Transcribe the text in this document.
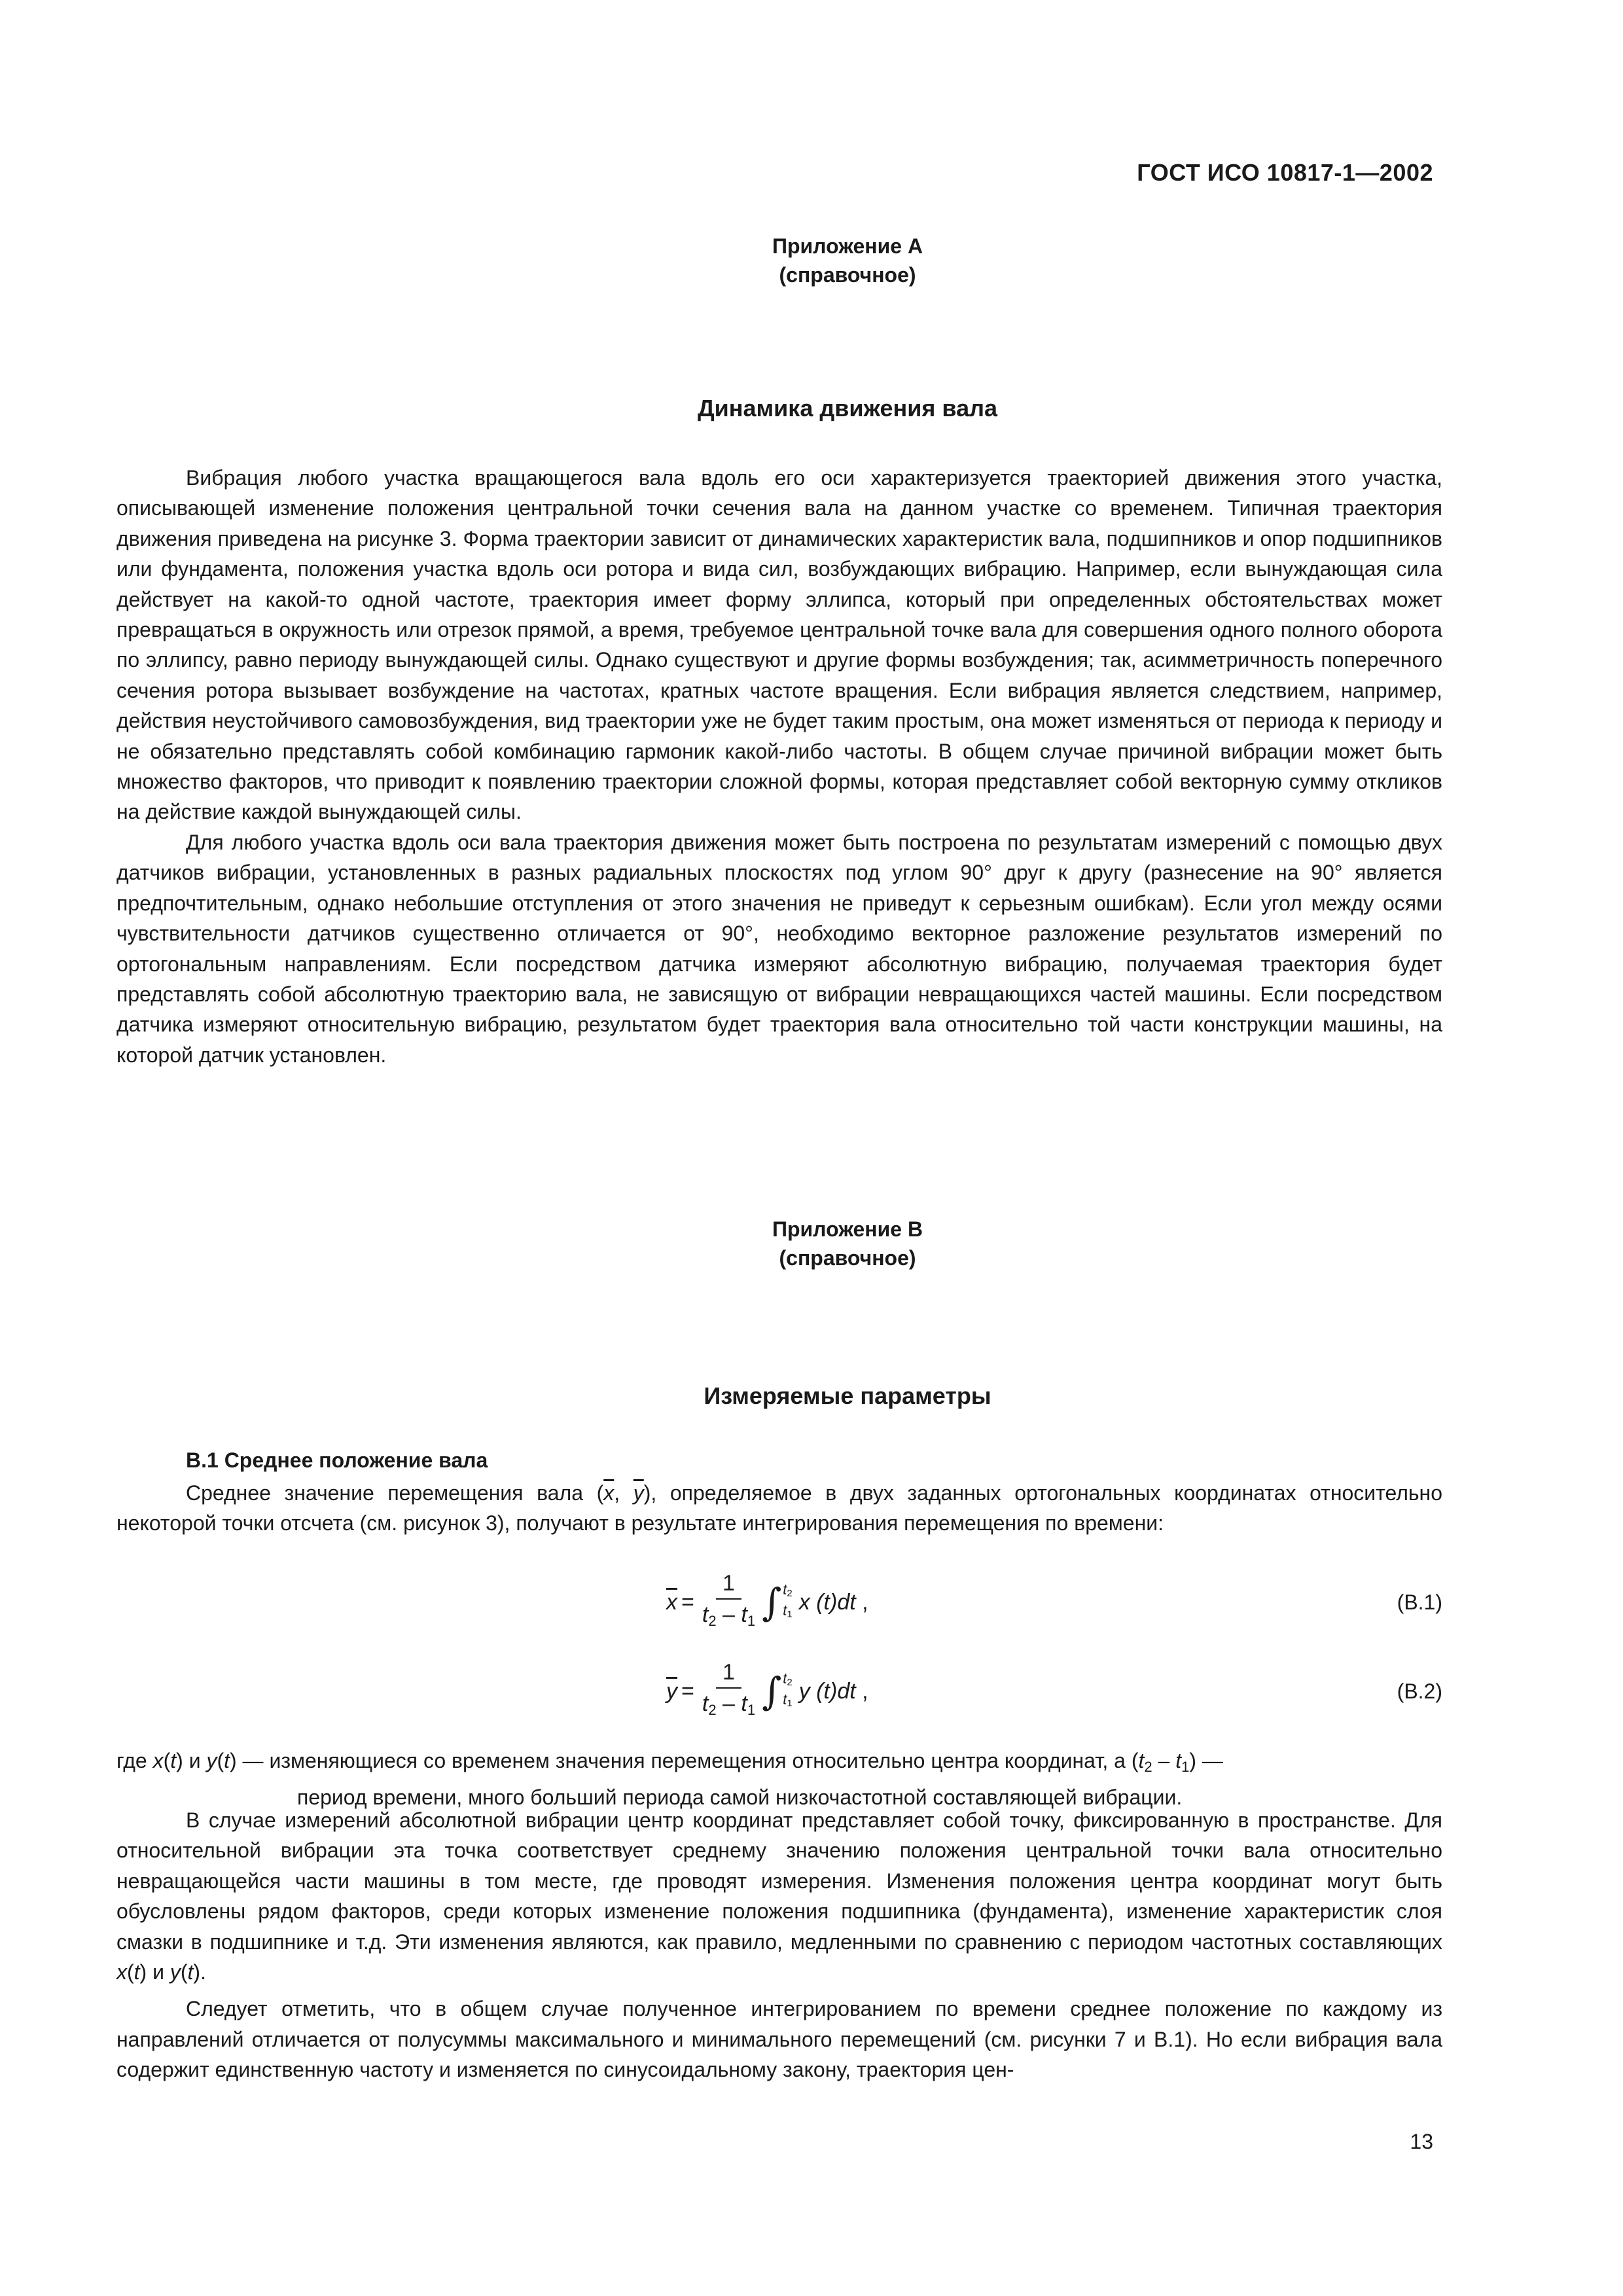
ГОСТ ИСО 10817-1—2002
Приложение А
(справочное)
Динамика движения вала

Вибрация любого участка вращающегося вала вдоль его оси характеризуется траекторией движения этого участка, описывающей изменение положения центральной точки сечения вала на данном участке со временем. Типичная траектория движения приведена на рисунке 3. Форма траектории зависит от динамических характеристик вала, подшипников и опор подшипников или фундамента, положения участка вдоль оси ротора и вида сил, возбуждающих вибрацию. Например, если вынуждающая сила действует на какой-то одной частоте, траектория имеет форму эллипса, который при определенных обстоятельствах может превращаться в окружность или отрезок прямой, а время, требуемое центральной точке вала для совершения одного полного оборота по эллипсу, равно периоду вынуждающей силы. Однако существуют и другие формы возбуждения; так, асимметричность поперечного сечения ротора вызывает возбуждение на частотах, кратных частоте вращения. Если вибрация является следствием, например, действия неустойчивого самовозбуждения, вид траектории уже не будет таким простым, она может изменяться от периода к периоду и не обязательно представлять собой комбинацию гармоник какой-либо частоты. В общем случае причиной вибрации может быть множество факторов, что приводит к появлению траектории сложной формы, которая представляет собой векторную сумму откликов на действие каждой вынуждающей силы.

Для любого участка вдоль оси вала траектория движения может быть построена по результатам измерений с помощью двух датчиков вибрации, установленных в разных радиальных плоскостях под углом 90° друг к другу (разнесение на 90° является предпочтительным, однако небольшие отступления от этого значения не приведут к серьезным ошибкам). Если угол между осями чувствительности датчиков существенно отличается от 90°, необходимо векторное разложение результатов измерений по ортогональным направлениям. Если посредством датчика измеряют абсолютную вибрацию, получаемая траектория будет представлять собой абсолютную траекторию вала, не зависящую от вибрации невращающихся частей машины. Если посредством датчика измеряют относительную вибрацию, результатом будет траектория вала относительно той части конструкции машины, на которой датчик установлен.

Приложение В
(справочное)
Измеряемые параметры
В.1 Среднее положение вала

Среднее значение перемещения вала ($\overline{x}$, $\overline{y}$), определяемое в двух заданных ортогональных координатах относительно некоторой точки отсчета (см. рисунок 3), получают в результате интегрирования перемещения по времени:

$\overline{x} = \frac{1}{t_2 - t_1}$ ∫ $t_2$
$t_1$ x (t)dt ,	(В.1)
$\overline{y} = \frac{1}{t_2 - t_1}$ ∫ $t_2$
$t_1$ y (t)dt ,	(В.2)
где x(t) и y(t) — изменяющиеся со временем значения перемещения относительно центра координат, а $(t_2 - t_1)$ —
период времени, много больший периода самой низкочастотной составляющей вибрации.

В случае измерений абсолютной вибрации центр координат представляет собой точку, фиксированную в пространстве. Для относительной вибрации эта точка соответствует среднему значению положения центральной точки вала относительно невращающейся части машины в том месте, где проводят измерения. Изменения положения центра координат могут быть обусловлены рядом факторов, среди которых изменение положения подшипника (фундамента), изменение характеристик слоя смазки в подшипнике и т.д. Эти изменения являются, как правило, медленными по сравнению с периодом частотных составляющих x(t) и y(t).

Следует отметить, что в общем случае полученное интегрированием по времени среднее положение по каждому из направлений отличается от полусуммы максимального и минимального перемещений (см. рисунки 7 и В.1). Но если вибрация вала содержит единственную частоту и изменяется по синусоидальному закону, траектория цен-

13
